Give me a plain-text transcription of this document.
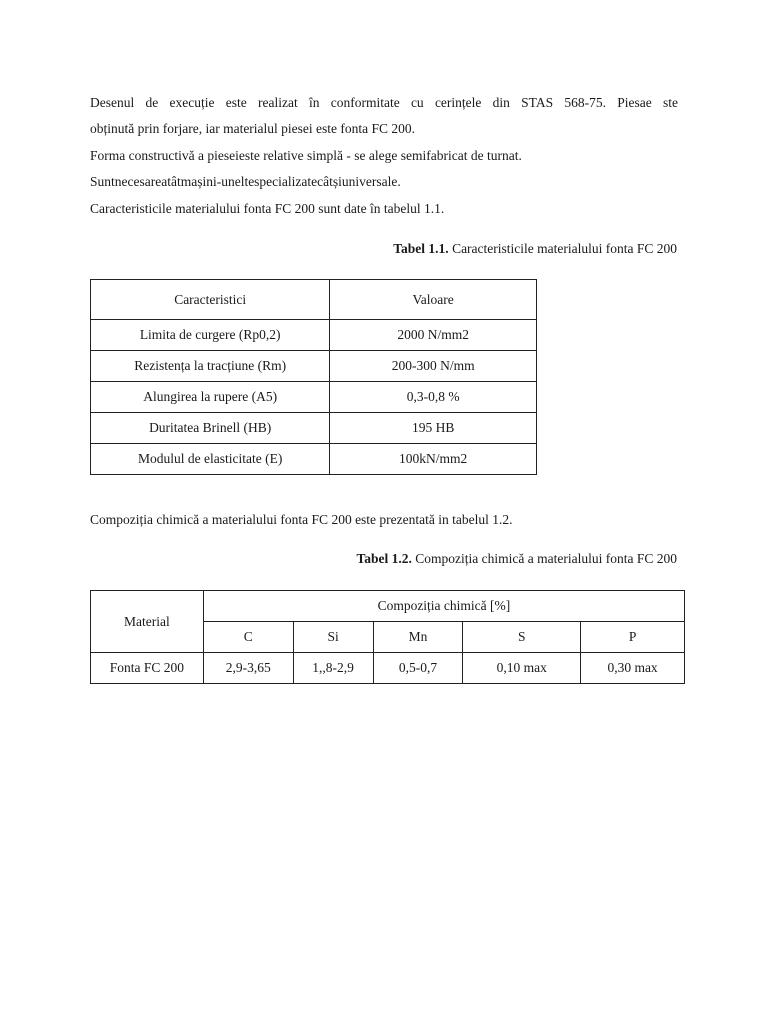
Desenul de execuție este realizat în conformitate cu cerințele din STAS 568-75. Piesae ste
obținută prin forjare, iar materialul piesei este fonta FC 200.
Forma constructivă a pieseieste relative simplă - se alege semifabricat de turnat.
Suntnecesareatâtmașini-uneltespecializatecâtșiuniversale.
Caracteristicile materialului fonta FC 200 sunt date în tabelul 1.1.
Tabel 1.1. Caracteristicile materialului fonta FC 200
Caracteristici	Valoare
Limita de curgere (Rp0,2)	2000 N/mm2
Rezistența la tracțiune (Rm)	200-300 N/mm
Alungirea la rupere (A5)	0,3-0,8 %
Duritatea Brinell (HB)	195 HB
Modulul de elasticitate (E)	100kN/mm2
Compoziția chimică a materialului fonta FC 200 este prezentată in tabelul 1.2.
Tabel 1.2. Compoziția chimică a materialului fonta FC 200
Material	Compoziția chimică [%]				
	C	Si	Mn	S	P
Fonta FC 200	2,9-3,65	1,,8-2,9	0,5-0,7	0,10 max	0,30 max
